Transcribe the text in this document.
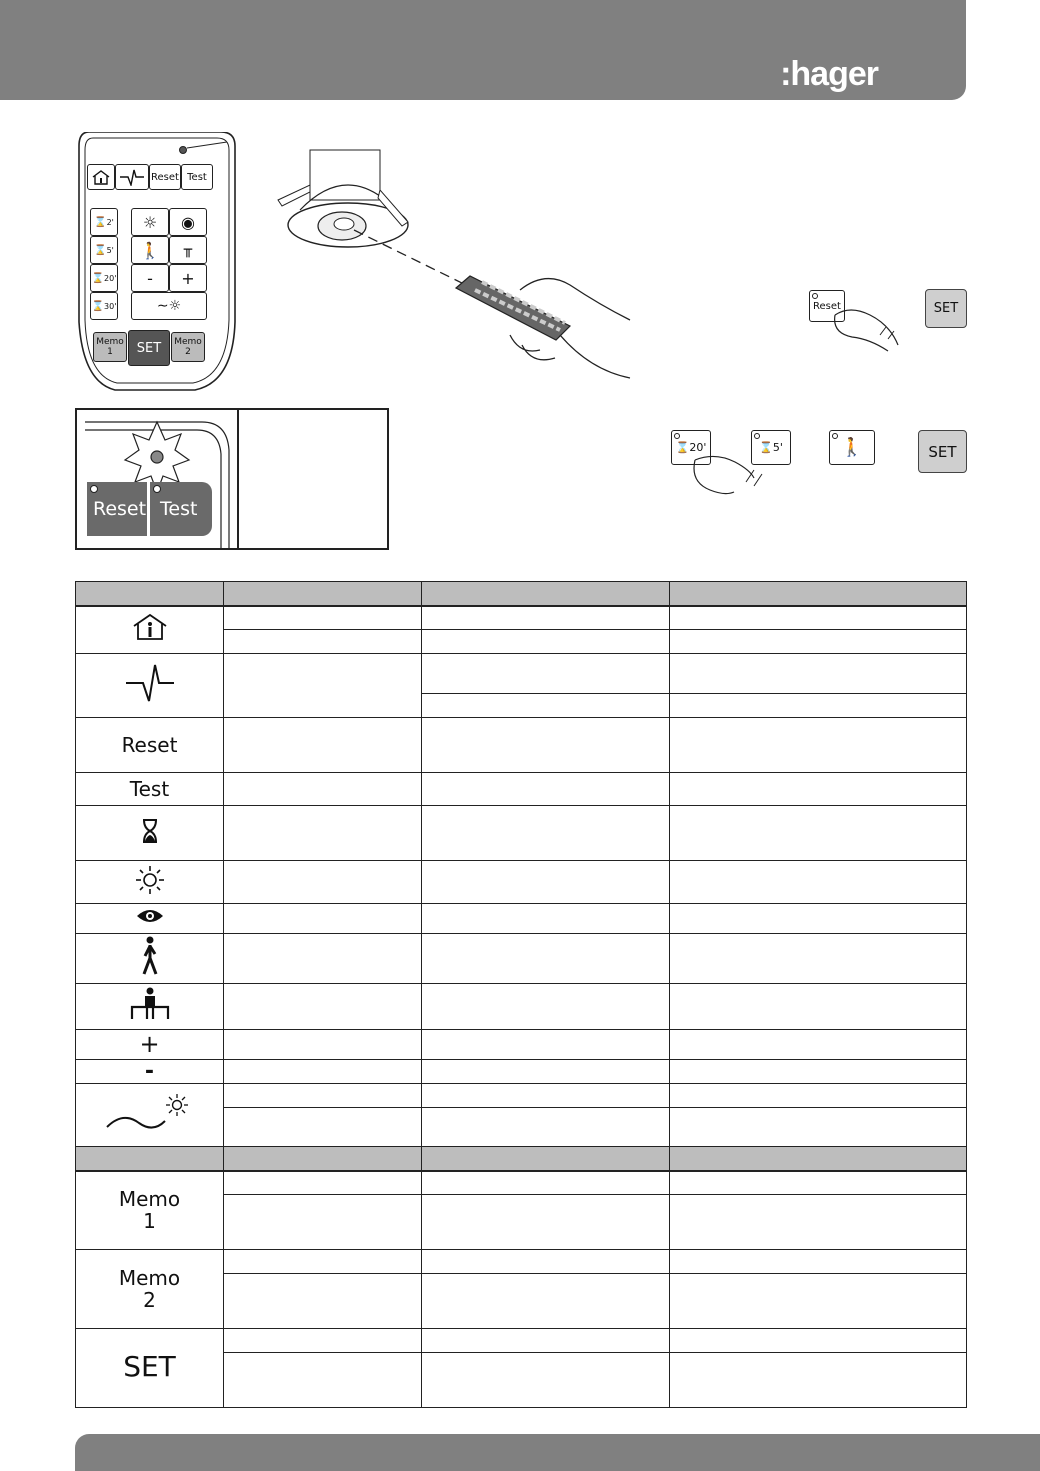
:hager
Reset Test
⌛ 2'
⌛ 5'
⌛ 20'
⌛ 30'
☼ ◉
🚶 ╥
-	+
∼☼
Memo
1	SET	Memo
2
Reset	SET
⌛ 20'	⌛ 5'	🚶	SET
Reset Test

Reset			
Test			

+			
-			

Memo
1			

Memo
2			

SET			
